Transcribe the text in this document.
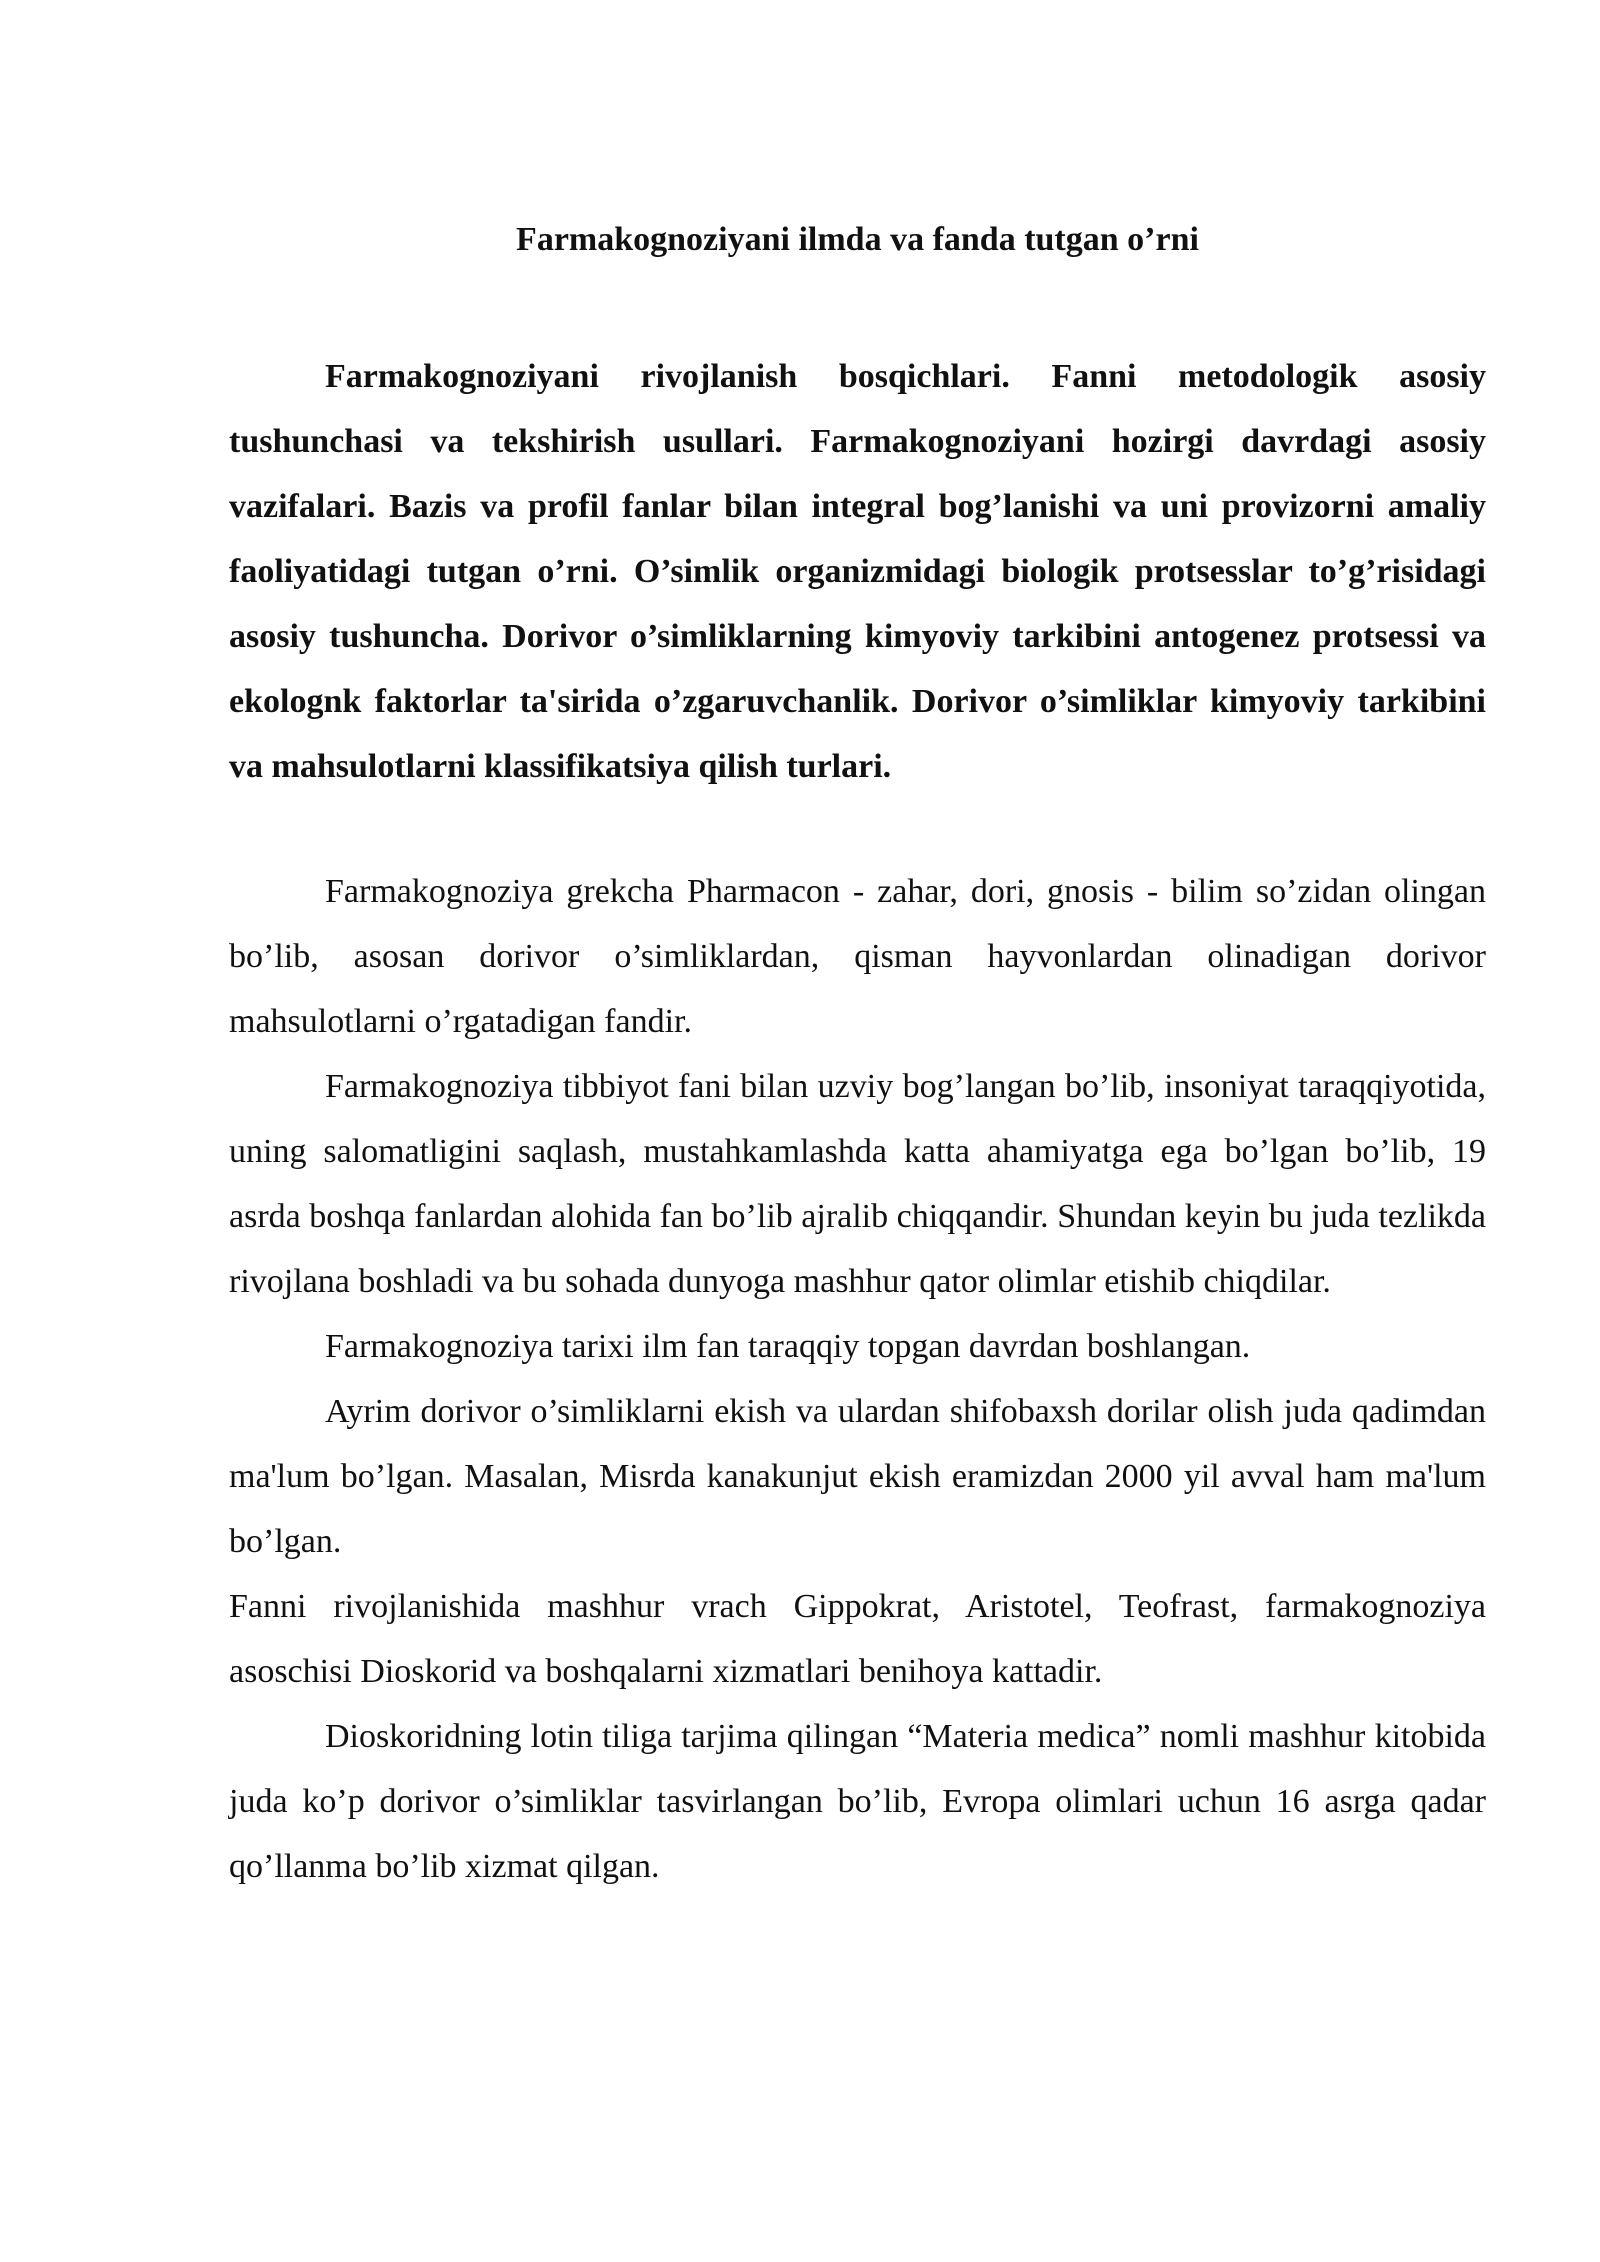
Farmakognoziyani ilmda va fanda tutgan o’rni

Farmakognoziyani rivojlanish bosqichlari. Fanni metodologik asosiy tushunchasi va tekshirish usullari. Farmakognoziyani hozirgi davrdagi asosiy vazifalari. Bazis va profil fanlar bilan integral bog’lanishi va uni provizorni amaliy faoliyatidagi tutgan o’rni. O’simlik organizmidagi biologik protsesslar to’g’risidagi asosiy tushuncha. Dorivor o’simliklarning kimyoviy tarkibini antogenez protsessi va ekolognk faktorlar ta'sirida o’zgaruvchanlik. Dorivor o’simliklar kimyoviy tarkibini va mahsulotlarni klassifikatsiya qilish turlari.

Farmakognoziya grekcha Pharmacon - zahar, dori, gnosis - bilim so’zidan olingan bo’lib, asosan dorivor o’simliklardan, qisman hayvonlardan olinadigan dorivor mahsulotlarni o’rgatadigan fandir.

Farmakognoziya tibbiyot fani bilan uzviy bog’langan bo’lib, insoniyat taraqqiyotida, uning salomatligini saqlash, mustahkamlashda katta ahamiyatga ega bo’lgan bo’lib, 19 asrda boshqa fanlardan alohida fan bo’lib ajralib chiqqandir. Shundan keyin bu juda tezlikda rivojlana boshladi va bu sohada dunyoga mashhur qator olimlar etishib chiqdilar.

Farmakognoziya tarixi ilm fan taraqqiy topgan davrdan boshlangan.

Ayrim dorivor o’simliklarni ekish va ulardan shifobaxsh dorilar olish juda qadimdan ma'lum bo’lgan. Masalan, Misrda kanakunjut ekish eramizdan 2000 yil avval ham ma'lum bo’lgan.

Fanni rivojlanishida mashhur vrach Gippokrat, Aristotel, Teofrast, farmakognoziya asoschisi Dioskorid va boshqalarni xizmatlari benihoya kattadir.

Dioskoridning lotin tiliga tarjima qilingan “Materia medica” nomli mashhur kitobida juda ko’p dorivor o’simliklar tasvirlangan bo’lib, Evropa olimlari uchun 16 asrga qadar qo’llanma bo’lib xizmat qilgan.
